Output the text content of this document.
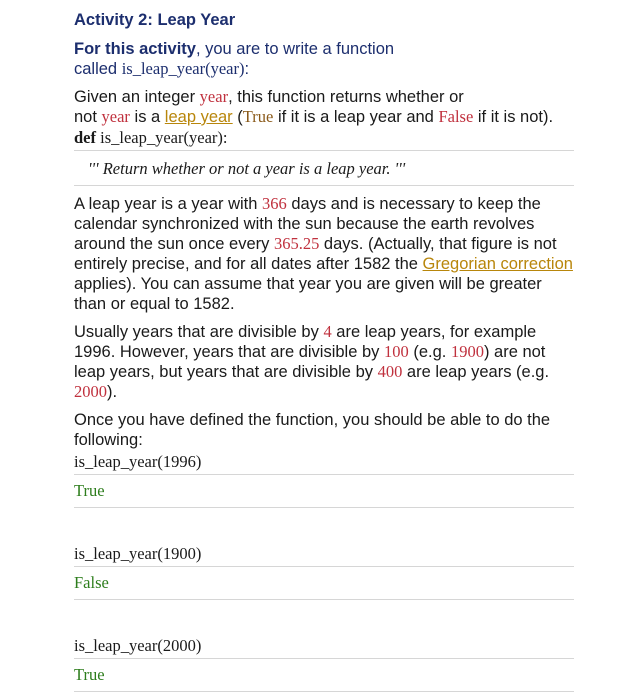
Activity 2: Leap Year

For this activity, you are to write a function
called is_leap_year(year):

Given an integer year, this function returns whether or
not year is a leap year (True if it is a leap year and False if it is not).

def is_leap_year(year):
''' Return whether or not a year is a leap year. '''

A leap year is a year with 366 days and is necessary to keep the calendar synchronized with the sun because the earth revolves around the sun once every 365.25 days. (Actually, that figure is not entirely precise, and for all dates after 1582 the Gregorian correction applies). You can assume that year you are given will be greater than or equal to 1582.

Usually years that are divisible by 4 are leap years, for example 1996. However, years that are divisible by 100 (e.g. 1900) are not leap years, but years that are divisible by 400 are leap years (e.g. 2000).

Once you have defined the function, you should be able to do the following:

is_leap_year(1996)
True
is_leap_year(1900)
False
is_leap_year(2000)
True
